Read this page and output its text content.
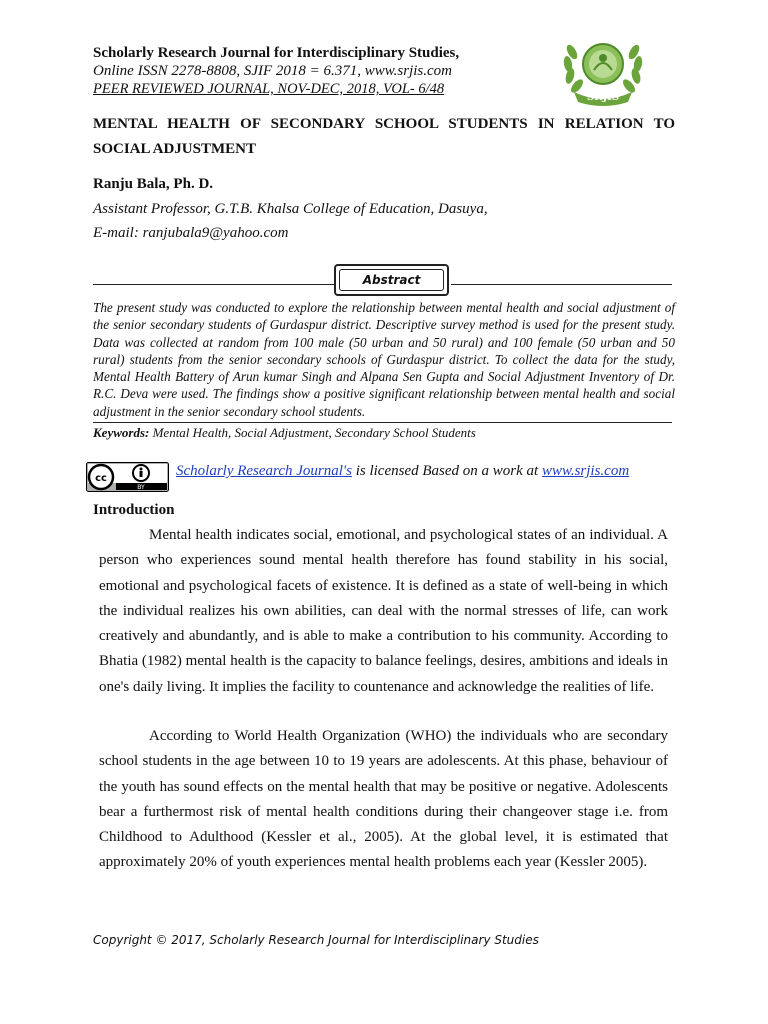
Scholarly Research Journal for Interdisciplinary Studies,

Online ISSN 2278-8808, SJIF 2018 = 6.371, www.srjis.com

PEER REVIEWED JOURNAL, NOV-DEC, 2018, VOL- 6/48

SRJIS
MENTAL HEALTH OF SECONDARY SCHOOL STUDENTS IN RELATION TO SOCIAL ADJUSTMENT
Ranju Bala, Ph. D.
Assistant Professor, G.T.B. Khalsa College of Education, Dasuya,
E-mail: ranjubala9@yahoo.com
Abstract

The present study was conducted to explore the relationship between mental health and social adjustment of the senior secondary students of Gurdaspur district. Descriptive survey method is used for the present study. Data was collected at random from 100 male (50 urban and 50 rural) and 100 female (50 urban and 50 rural) students from the senior secondary schools of Gurdaspur district. To collect the data for the study, Mental Health Battery of Arun kumar Singh and Alpana Sen Gupta and Social Adjustment Inventory of Dr. R.C. Deva were used. The findings show a positive significant relationship between mental health and social adjustment in the senior secondary school students.

Keywords: Mental Health, Social Adjustment, Secondary School Students
cc
BY
Scholarly Research Journal's is licensed Based on a work at www.srjis.com
Introduction

Mental health indicates social, emotional, and psychological states of an individual. A person who experiences sound mental health therefore has found stability in his social, emotional and psychological facets of existence. It is defined as a state of well-being in which the individual realizes his own abilities, can deal with the normal stresses of life, can work creatively and abundantly, and is able to make a contribution to his community. According to Bhatia (1982) mental health is the capacity to balance feelings, desires, ambitions and ideals in one's daily living. It implies the facility to countenance and acknowledge the realities of life.

According to World Health Organization (WHO) the individuals who are secondary school students in the age between 10 to 19 years are adolescents. At this phase, behaviour of the youth has sound effects on the mental health that may be positive or negative. Adolescents bear a furthermost risk of mental health conditions during their changeover stage i.e. from Childhood to Adulthood (Kessler et al., 2005). At the global level, it is estimated that approximately 20% of youth experiences mental health problems each year (Kessler 2005).

Copyright © 2017, Scholarly Research Journal for Interdisciplinary Studies
